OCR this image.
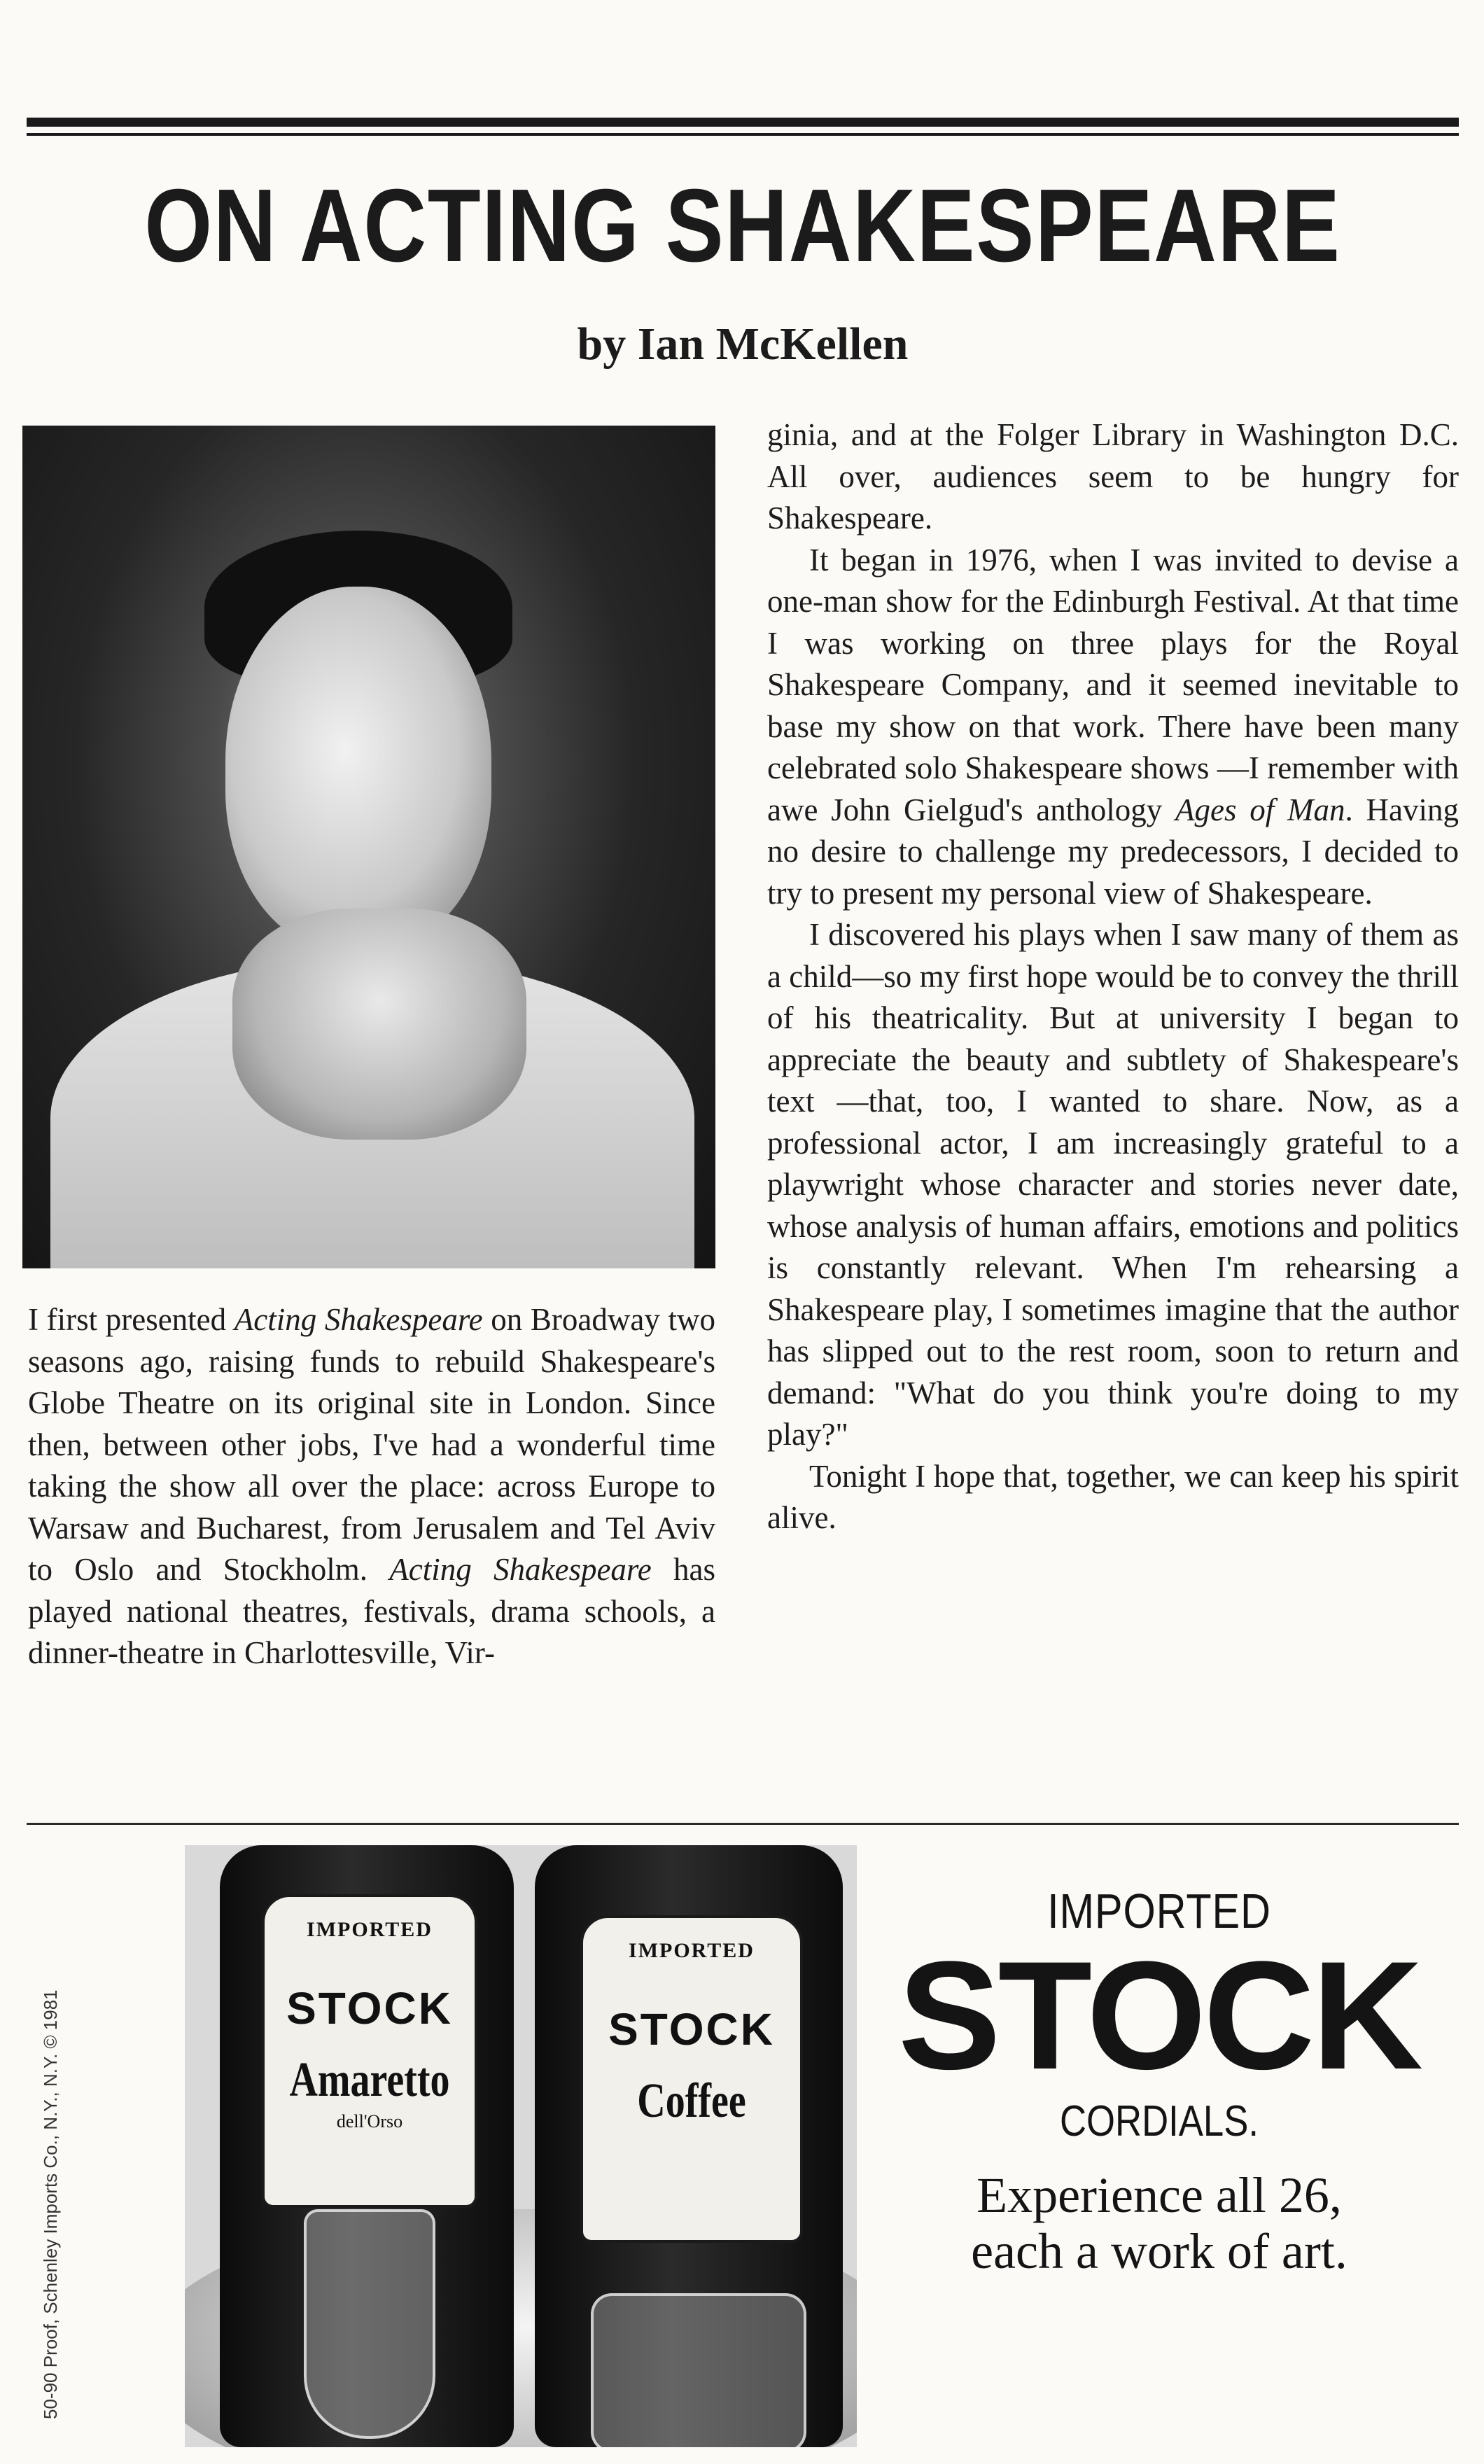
ON ACTING SHAKESPEARE
by Ian McKellen

I first presented Acting Shakespeare on Broadway two seasons ago, raising funds to rebuild Shakespeare's Globe Theatre on its original site in London. Since then, between other jobs, I've had a wonderful time taking the show all over the place: across Europe to Warsaw and Bucharest, from Jerusalem and Tel Aviv to Oslo and Stockholm. Acting Shakespeare has played national theatres, festivals, drama schools, a dinner-theatre in Charlottesville, Vir-

ginia, and at the Folger Library in Washington D.C. All over, audiences seem to be hungry for Shakespeare.

It began in 1976, when I was invited to devise a one-man show for the Edinburgh Festival. At that time I was working on three plays for the Royal Shakespeare Company, and it seemed inevitable to base my show on that work. There have been many celebrated solo Shakespeare shows —I remember with awe John Gielgud's anthology Ages of Man. Having no desire to challenge my predecessors, I decided to try to present my personal view of Shakespeare.

I discovered his plays when I saw many of them as a child—so my first hope would be to convey the thrill of his theatricality. But at university I began to appreciate the beauty and subtlety of Shakespeare's text —that, too, I wanted to share. Now, as a professional actor, I am increasingly grateful to a playwright whose character and stories never date, whose analysis of human affairs, emotions and politics is constantly relevant. When I'm rehearsing a Shakespeare play, I sometimes imagine that the author has slipped out to the rest room, soon to return and demand: "What do you think you're doing to my play?"

Tonight I hope that, together, we can keep his spirit alive.

50-90 Proof, Schenley Imports Co., N.Y., N.Y. © 1981
IMPORTED
STOCK
Amaretto
dell'Orso
IMPORTED
STOCK
Coffee
IMPORTED
STOCK
CORDIALS.
Experience all 26,
each a work of art.
